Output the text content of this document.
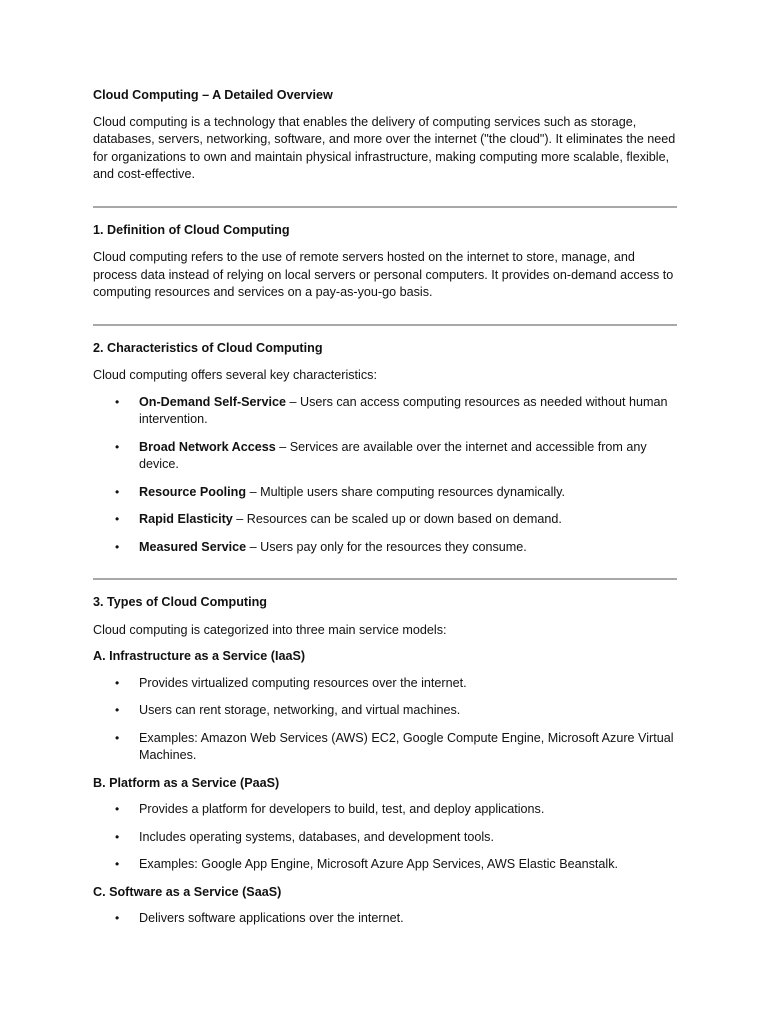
Cloud Computing – A Detailed Overview

Cloud computing is a technology that enables the delivery of computing services such as storage, databases, servers, networking, software, and more over the internet ("the cloud"). It eliminates the need for organizations to own and maintain physical infrastructure, making computing more scalable, flexible, and cost-effective.

1. Definition of Cloud Computing

Cloud computing refers to the use of remote servers hosted on the internet to store, manage, and process data instead of relying on local servers or personal computers. It provides on-demand access to computing resources and services on a pay-as-you-go basis.

2. Characteristics of Cloud Computing

Cloud computing offers several key characteristics:

• On-Demand Self-Service – Users can access computing resources as needed without human intervention.
• Broad Network Access – Services are available over the internet and accessible from any device.
• Resource Pooling – Multiple users share computing resources dynamically.
• Rapid Elasticity – Resources can be scaled up or down based on demand.
• Measured Service – Users pay only for the resources they consume.
3. Types of Cloud Computing

Cloud computing is categorized into three main service models:

A. Infrastructure as a Service (IaaS)
• Provides virtualized computing resources over the internet.
• Users can rent storage, networking, and virtual machines.
• Examples: Amazon Web Services (AWS) EC2, Google Compute Engine, Microsoft Azure Virtual Machines.
B. Platform as a Service (PaaS)
• Provides a platform for developers to build, test, and deploy applications.
• Includes operating systems, databases, and development tools.
• Examples: Google App Engine, Microsoft Azure App Services, AWS Elastic Beanstalk.
C. Software as a Service (SaaS)
• Delivers software applications over the internet.
